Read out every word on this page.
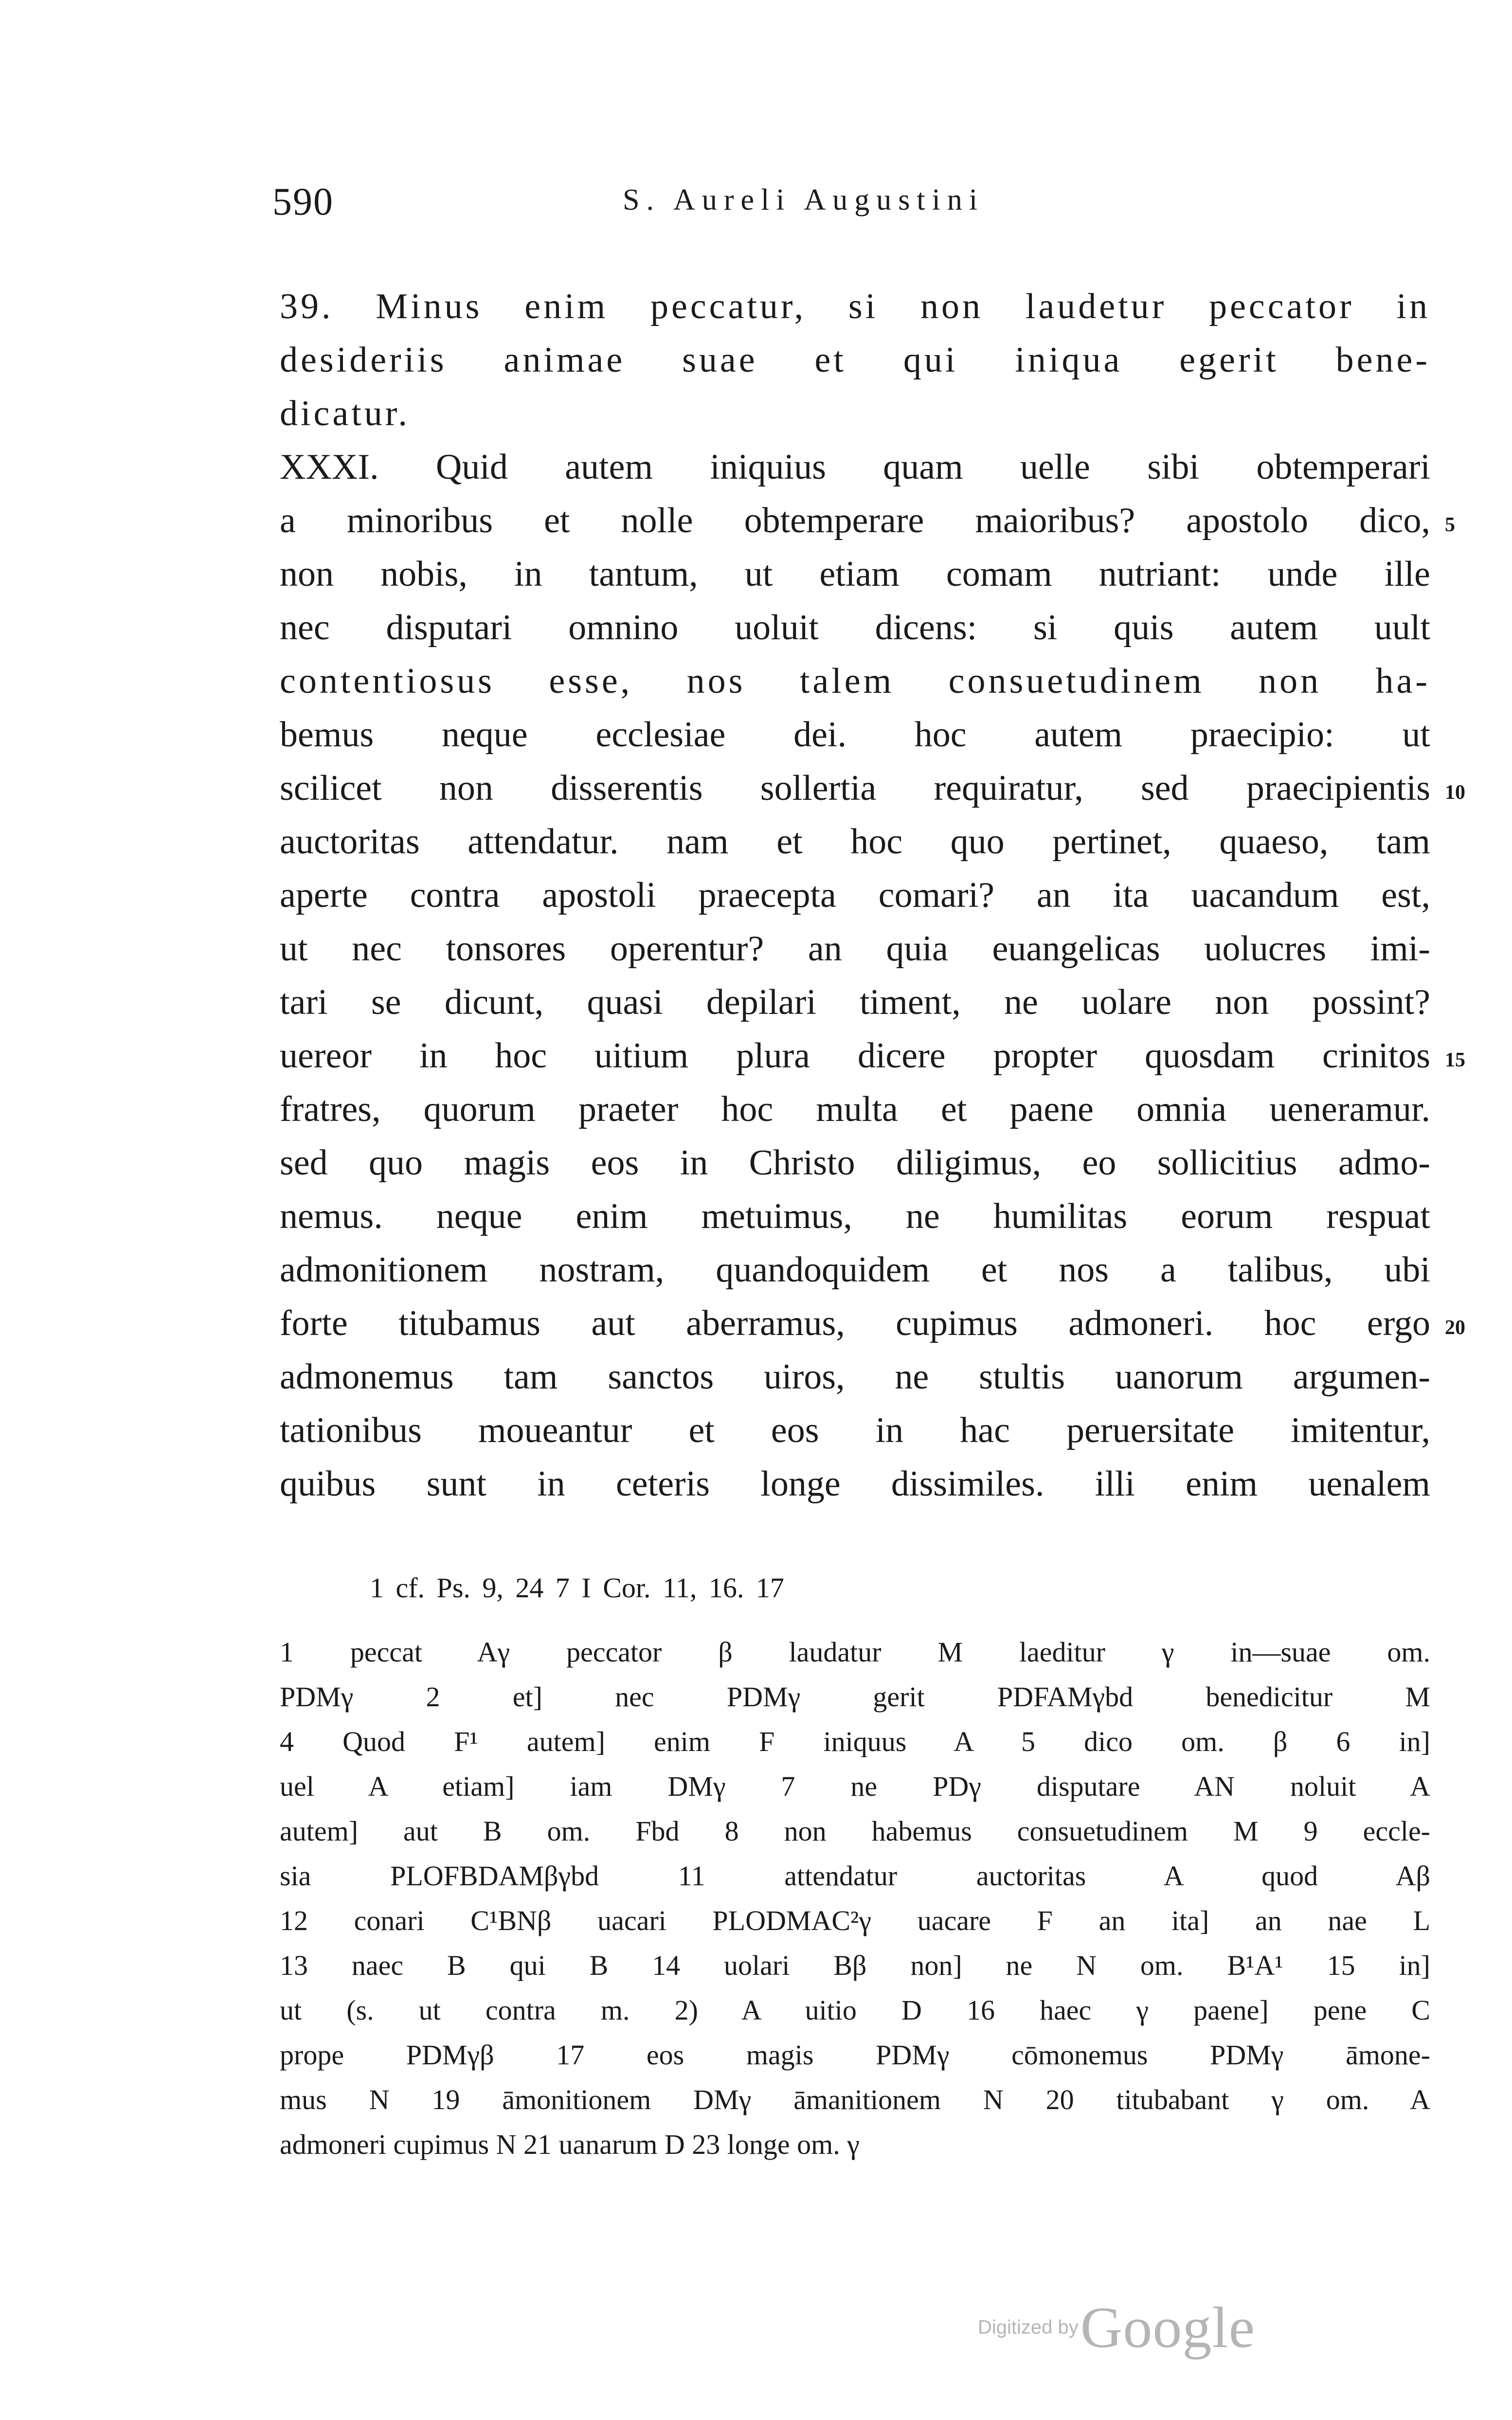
590	S. Aureli Augustini
39. Minus enim peccatur, si non laudetur peccator in
desideriis animae suae et qui iniqua egerit bene-
dicatur.
XXXI. Quid autem iniquius quam uelle sibi obtemperari
a minoribus et nolle obtemperare maioribus? apostolo dico,
non nobis, in tantum, ut etiam comam nutriant: unde ille
nec disputari omnino uoluit dicens: si quis autem uult
contentiosus esse, nos talem consuetudinem non ha-
bemus neque ecclesiae dei. hoc autem praecipio: ut
scilicet non disserentis sollertia requiratur, sed praecipientis
auctoritas attendatur. nam et hoc quo pertinet, quaeso, tam
aperte contra apostoli praecepta comari? an ita uacandum est,
ut nec tonsores operentur? an quia euangelicas uolucres imi-
tari se dicunt, quasi depilari timent, ne uolare non possint?
uereor in hoc uitium plura dicere propter quosdam crinitos
fratres, quorum praeter hoc multa et paene omnia ueneramur.
sed quo magis eos in Christo diligimus, eo sollicitius admo-
nemus. neque enim metuimus, ne humilitas eorum respuat
admonitionem nostram, quandoquidem et nos a talibus, ubi
forte titubamus aut aberramus, cupimus admoneri. hoc ergo
admonemus tam sanctos uiros, ne stultis uanorum argumen-
tationibus moueantur et eos in hac peruersitate imitentur,
quibus sunt in ceteris longe dissimiles. illi enim uenalem
5
10
15
20
1 cf. Ps. 9, 24 7 I Cor. 11, 16. 17
1 peccat Aγ peccator β laudatur M laeditur γ in—suae om.
PDMγ 2 et] nec PDMγ gerit PDFAMγbd benedicitur M
4 Quod F¹ autem] enim F iniquus A 5 dico om. β 6 in]
uel A etiam] iam DMγ 7 ne PDγ disputare AN noluit A
autem] aut B om. Fbd 8 non habemus consuetudinem M 9 eccle-
sia PLOFBDAMβγbd 11 attendatur auctoritas A quod Aβ
12 conari C¹BNβ uacari PLODMAC²γ uacare F an ita] an nae L
13 naec B qui B 14 uolari Bβ non] ne N om. B¹A¹ 15 in]
ut (s. ut contra m. 2) A uitio D 16 haec γ paene] pene C
prope PDMγβ 17 eos magis PDMγ cōmonemus PDMγ āmone-
mus N 19 āmonitionem DMγ āmanitionem N 20 titubabant γ om. A
admoneri cupimus N 21 uanarum D 23 longe om. γ
Digitized by Google
